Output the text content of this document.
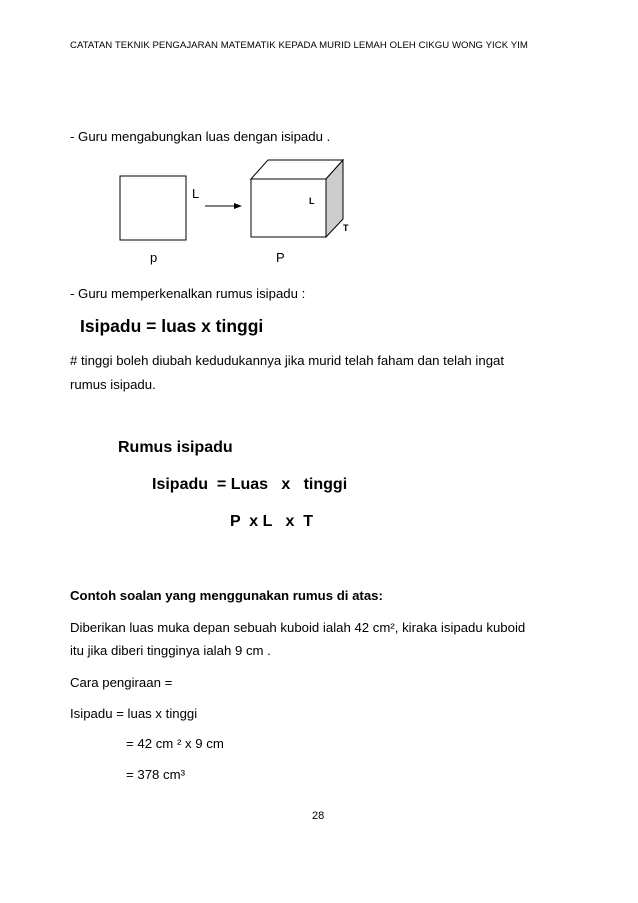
CATATAN TEKNIK PENGAJARAN MATEMATIK KEPADA MURID LEMAH OLEH CIKGU WONG YICK YIM
- Guru mengabungkan luas dengan isipadu .
L
p
L
T
P
- Guru memperkenalkan rumus isipadu :
Isipadu = luas x tinggi
# tinggi boleh diubah kedudukannya jika murid telah faham dan telah ingat
rumus isipadu.
Rumus isipadu
Isipadu  = Luas   x   tinggi
P  x L   x  T
Contoh soalan yang menggunakan rumus di atas:
Diberikan luas muka depan sebuah kuboid ialah 42 cm², kiraka isipadu kuboid
itu jika diberi tingginya ialah 9 cm .
Cara pengiraan =
Isipadu = luas x tinggi
= 42 cm ² x 9 cm
= 378 cm³
28
